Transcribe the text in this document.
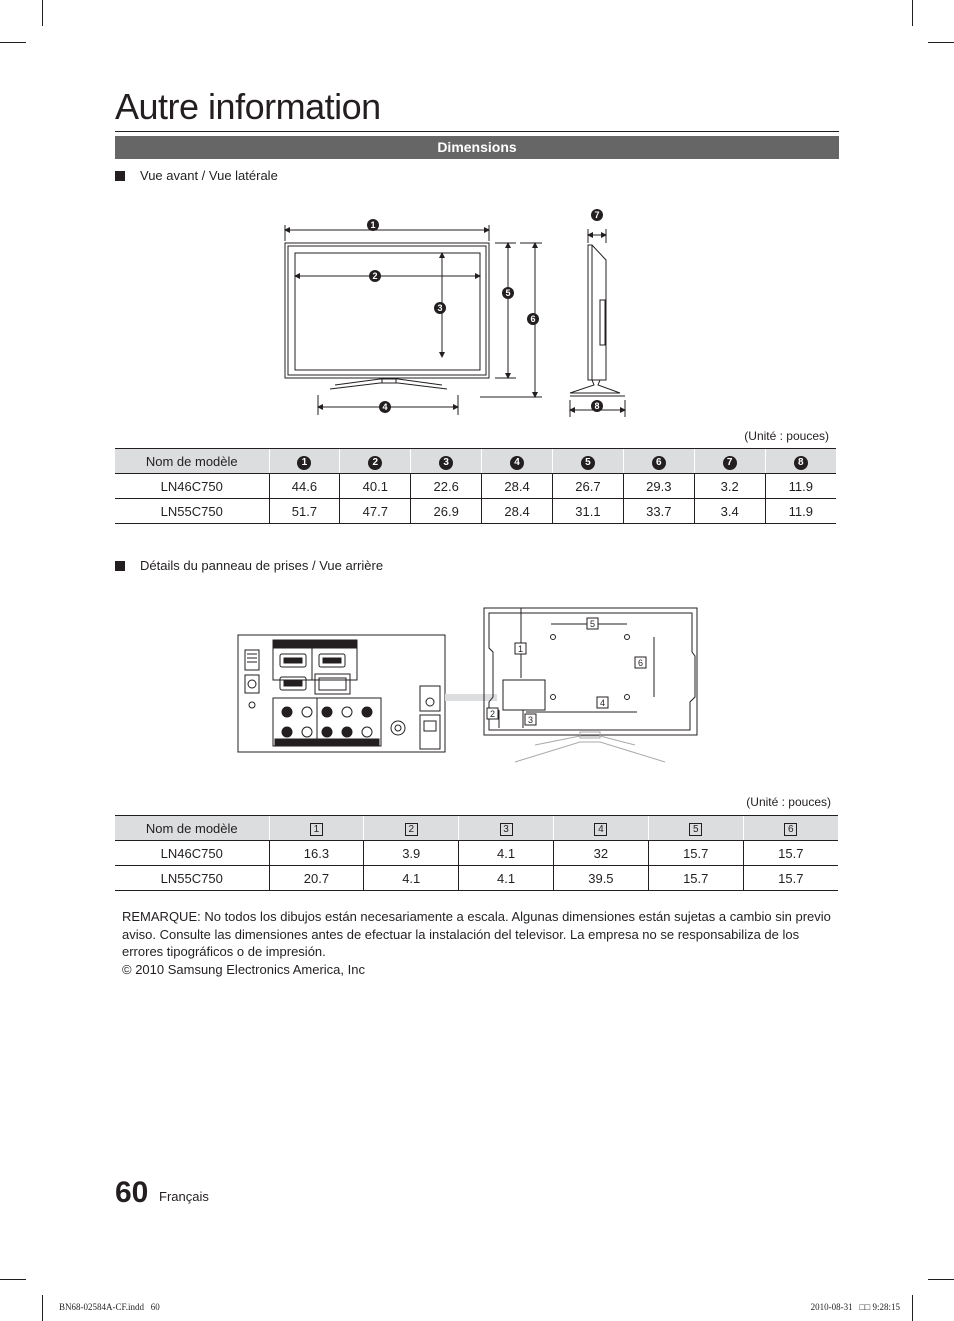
Autre information
Dimensions
Vue avant / Vue latérale
1
2
3
4
5
6
7
8
(Unité : pouces)
Nom de modèle	1	2	3	4	5	6	7	8
LN46C750	44.6	40.1	22.6	28.4	26.7	29.3	3.2	11.9
LN55C750	51.7	47.7	26.9	28.4	31.1	33.7	3.4	11.9
Détails du panneau de prises / Vue arrière
1
2
3
4
5
6
(Unité : pouces)
Nom de modèle	1	2	3	4	5	6
LN46C750	16.3	3.9	4.1	32	15.7	15.7
LN55C750	20.7	4.1	4.1	39.5	15.7	15.7
REMARQUE: No todos los dibujos están necesariamente a escala. Algunas dimensiones están sujetas a cambio sin previo aviso. Consulte las dimensiones antes de efectuar la instalación del televisor. La empresa no se responsabiliza de los errores tipográficos o de impresión.
© 2010 Samsung Electronics America, Inc
60 Français
BN68-02584A-CF.indd   60	2010-08-31   □□ 9:28:15
